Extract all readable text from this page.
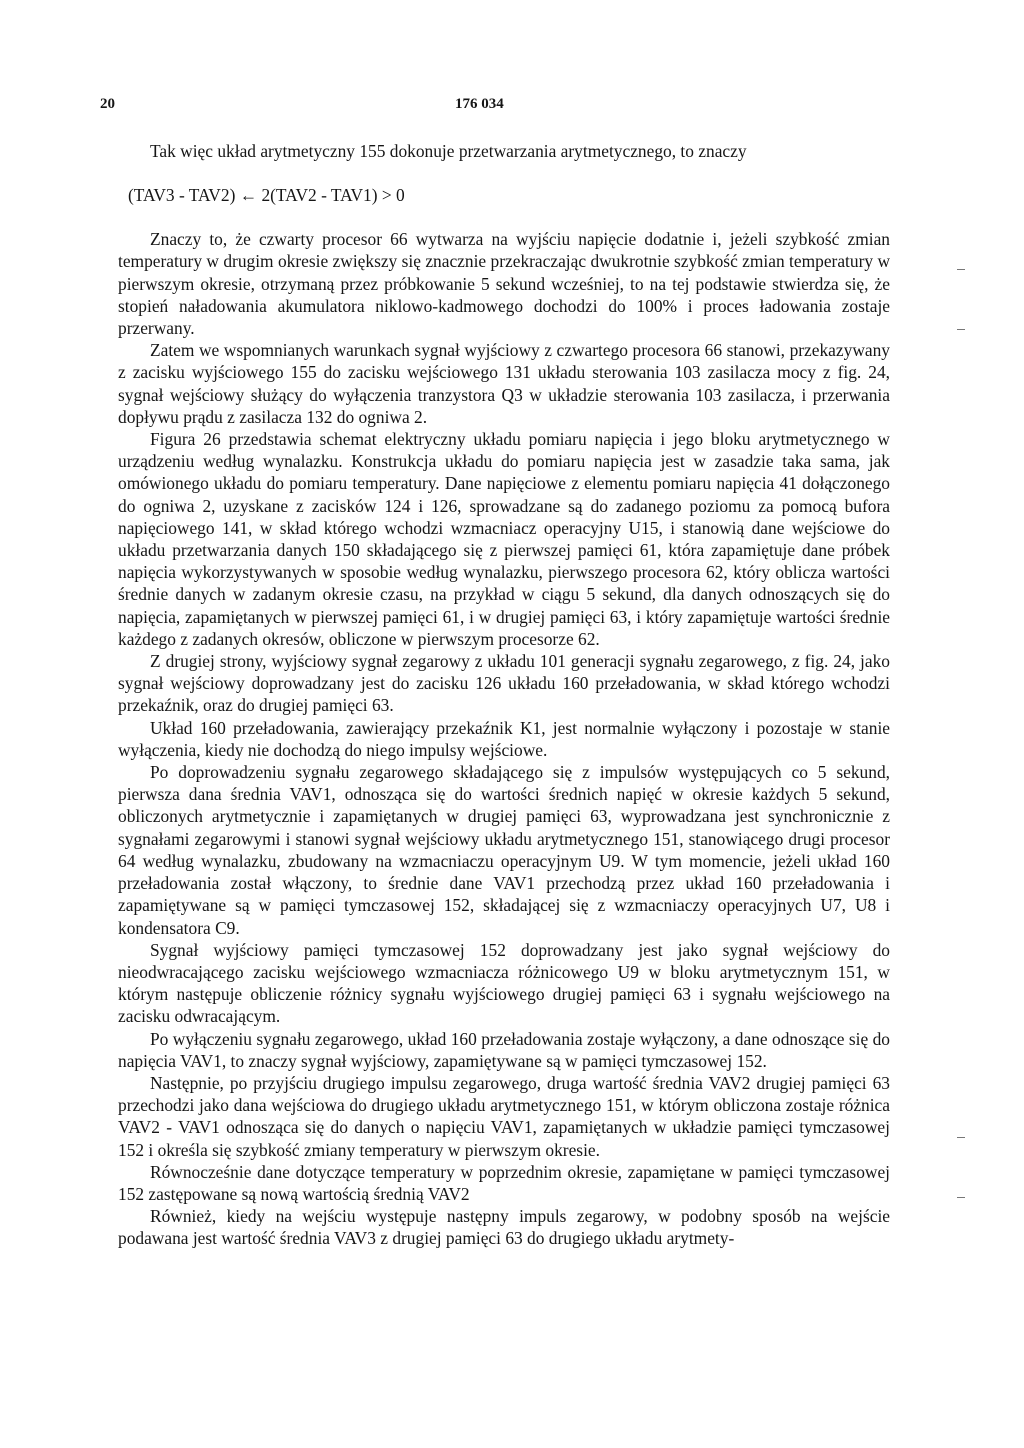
20	176 034

Tak więc układ arytmetyczny 155 dokonuje przetwarzania arytmetycznego, to znaczy

(TAV3 - TAV2) ← 2(TAV2 - TAV1) > 0

Znaczy to, że czwarty procesor 66 wytwarza na wyjściu napięcie dodatnie i, jeżeli szybkość zmian temperatury w drugim okresie zwiększy się znacznie przekraczając dwukrotnie szybkość zmian temperatury w pierwszym okresie, otrzymaną przez próbkowanie 5 sekund wcześniej, to na tej podstawie stwierdza się, że stopień naładowania akumulatora niklowo-kadmowego dochodzi do 100% i proces ładowania zostaje przerwany.

Zatem we wspomnianych warunkach sygnał wyjściowy z czwartego procesora 66 stanowi, przekazywany z zacisku wyjściowego 155 do zacisku wejściowego 131 układu sterowania 103 zasilacza mocy z fig. 24, sygnał wejściowy służący do wyłączenia tranzystora Q3 w układzie sterowania 103 zasilacza, i przerwania dopływu prądu z zasilacza 132 do ogniwa 2.

Figura 26 przedstawia schemat elektryczny układu pomiaru napięcia i jego bloku arytmetycznego w urządzeniu według wynalazku. Konstrukcja układu do pomiaru napięcia jest w zasadzie taka sama, jak omówionego układu do pomiaru temperatury. Dane napięciowe z elementu pomiaru napięcia 41 dołączonego do ogniwa 2, uzyskane z zacisków 124 i 126, sprowadzane są do zadanego poziomu za pomocą bufora napięciowego 141, w skład którego wchodzi wzmacniacz operacyjny U15, i stanowią dane wejściowe do układu przetwarzania danych 150 składającego się z pierwszej pamięci 61, która zapamiętuje dane próbek napięcia wykorzystywanych w sposobie według wynalazku, pierwszego procesora 62, który oblicza wartości średnie danych w zadanym okresie czasu, na przykład w ciągu 5 sekund, dla danych odnoszących się do napięcia, zapamiętanych w pierwszej pamięci 61, i w drugiej pamięci 63, i który zapamiętuje wartości średnie każdego z zadanych okresów, obliczone w pierwszym procesorze 62.

Z drugiej strony, wyjściowy sygnał zegarowy z układu 101 generacji sygnału zegarowego, z fig. 24, jako sygnał wejściowy doprowadzany jest do zacisku 126 układu 160 przeładowania, w skład którego wchodzi przekaźnik, oraz do drugiej pamięci 63.

Układ 160 przeładowania, zawierający przekaźnik K1, jest normalnie wyłączony i pozostaje w stanie wyłączenia, kiedy nie dochodzą do niego impulsy wejściowe.

Po doprowadzeniu sygnału zegarowego składającego się z impulsów występujących co 5 sekund, pierwsza dana średnia VAV1, odnosząca się do wartości średnich napięć w okresie każdych 5 sekund, obliczonych arytmetycznie i zapamiętanych w drugiej pamięci 63, wyprowadzana jest synchronicznie z sygnałami zegarowymi i stanowi sygnał wejściowy układu arytmetycznego 151, stanowiącego drugi procesor 64 według wynalazku, zbudowany na wzmacniaczu operacyjnym U9. W tym momencie, jeżeli układ 160 przeładowania został włączony, to średnie dane VAV1 przechodzą przez układ 160 przeładowania i zapamiętywane są w pamięci tymczasowej 152, składającej się z wzmacniaczy operacyjnych U7, U8 i kondensatora C9.

Sygnał wyjściowy pamięci tymczasowej 152 doprowadzany jest jako sygnał wejściowy do nieodwracającego zacisku wejściowego wzmacniacza różnicowego U9 w bloku arytmetycznym 151, w którym następuje obliczenie różnicy sygnału wyjściowego drugiej pamięci 63 i sygnału wejściowego na zacisku odwracającym.

Po wyłączeniu sygnału zegarowego, układ 160 przeładowania zostaje wyłączony, a dane odnoszące się do napięcia VAV1, to znaczy sygnał wyjściowy, zapamiętywane są w pamięci tymczasowej 152.

Następnie, po przyjściu drugiego impulsu zegarowego, druga wartość średnia VAV2 drugiej pamięci 63 przechodzi jako dana wejściowa do drugiego układu arytmetycznego 151, w którym obliczona zostaje różnica VAV2 - VAV1 odnosząca się do danych o napięciu VAV1, zapamiętanych w układzie pamięci tymczasowej 152 i określa się szybkość zmiany temperatury w pierwszym okresie.

Równocześnie dane dotyczące temperatury w poprzednim okresie, zapamiętane w pamięci tymczasowej 152 zastępowane są nową wartością średnią VAV2

Również, kiedy na wejściu występuje następny impuls zegarowy, w podobny sposób na wejście podawana jest wartość średnia VAV3 z drugiej pamięci 63 do drugiego układu arytmety-
